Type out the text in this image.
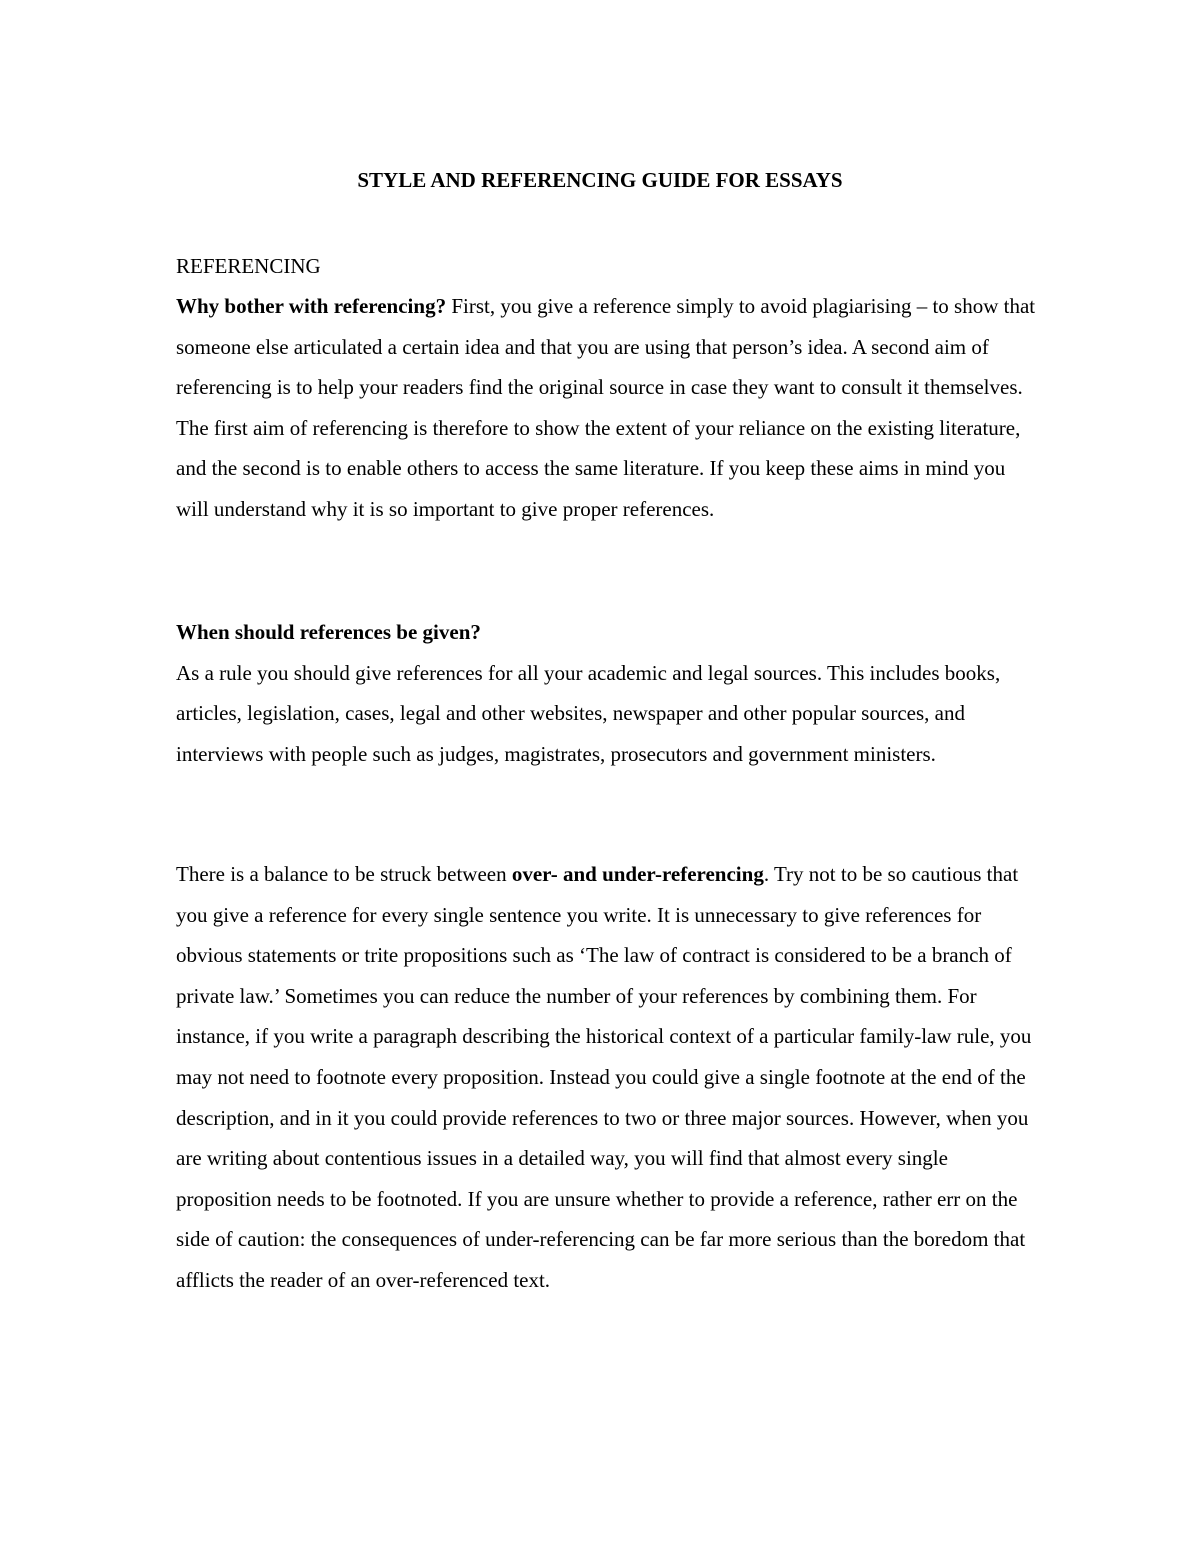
STYLE AND REFERENCING GUIDE FOR ESSAYS
REFERENCING

Why bother with referencing? First, you give a reference simply to avoid plagiarising – to show that someone else articulated a certain idea and that you are using that person’s idea. A second aim of referencing is to help your readers find the original source in case they want to consult it themselves. The first aim of referencing is therefore to show the extent of your reliance on the existing literature, and the second is to enable others to access the same literature. If you keep these aims in mind you will understand why it is so important to give proper references.

When should references be given?
As a rule you should give references for all your academic and legal sources. This includes books, articles, legislation, cases, legal and other websites, newspaper and other popular sources, and interviews with people such as judges, magistrates, prosecutors and government ministers.

There is a balance to be struck between over- and under-referencing. Try not to be so cautious that you give a reference for every single sentence you write. It is unnecessary to give references for obvious statements or trite propositions such as ‘The law of contract is considered to be a branch of private law.’ Sometimes you can reduce the number of your references by combining them. For instance, if you write a paragraph describing the historical context of a particular family-law rule, you may not need to footnote every proposition. Instead you could give a single footnote at the end of the description, and in it you could provide references to two or three major sources. However, when you are writing about contentious issues in a detailed way, you will find that almost every single proposition needs to be footnoted. If you are unsure whether to provide a reference, rather err on the side of caution: the consequences of under-referencing can be far more serious than the boredom that afflicts the reader of an over-referenced text.
